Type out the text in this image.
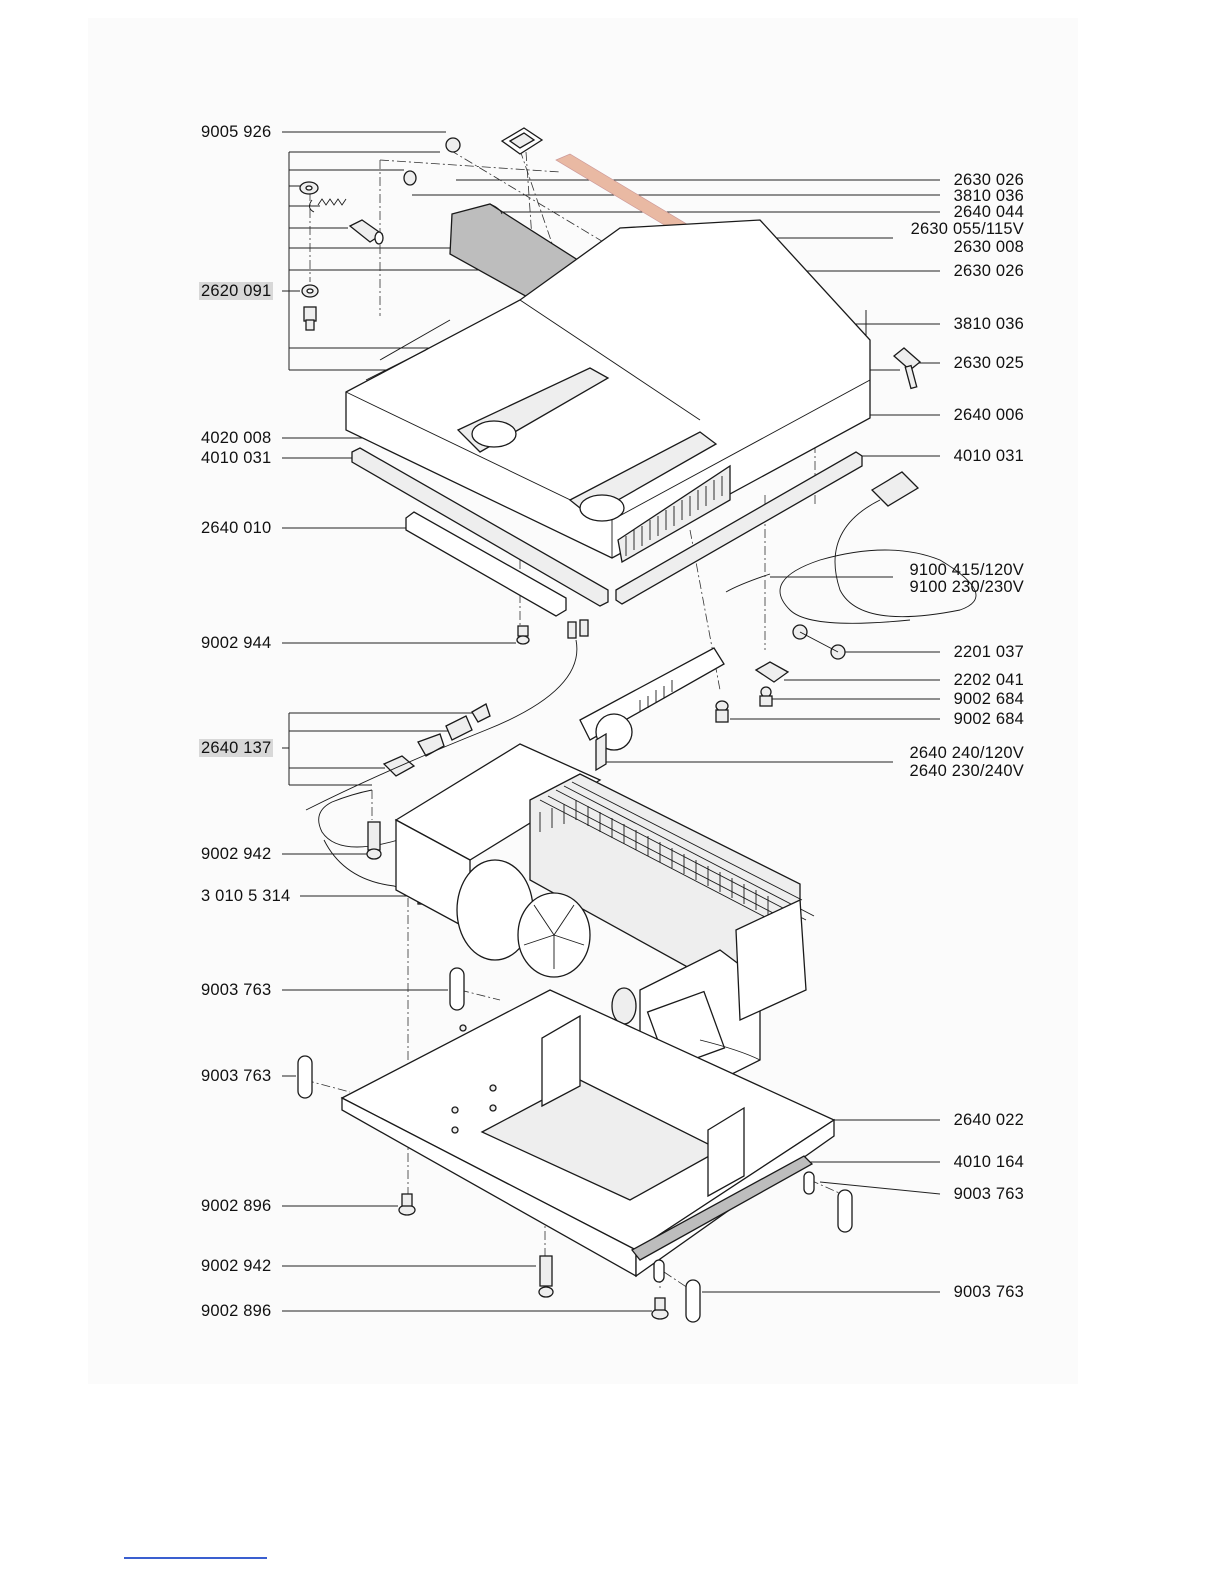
9005 926
2620 091
4020 008
4010 031
2640 010
9002 944
2640 137
9002 942
3 010 5 314
9003 763
9003 763
9002 896
9002 942
9002 896
2630 026
3810 036
2640 044
2630 055/115V
2630 008
2630 026
3810 036
2630 025
2640 006
4010 031
9100 415/120V
9100 230/230V
2201 037
2202 041
9002 684
9002 684
2640 240/120V
2640 230/240V
2640 022
4010 164
9003 763
9003 763
